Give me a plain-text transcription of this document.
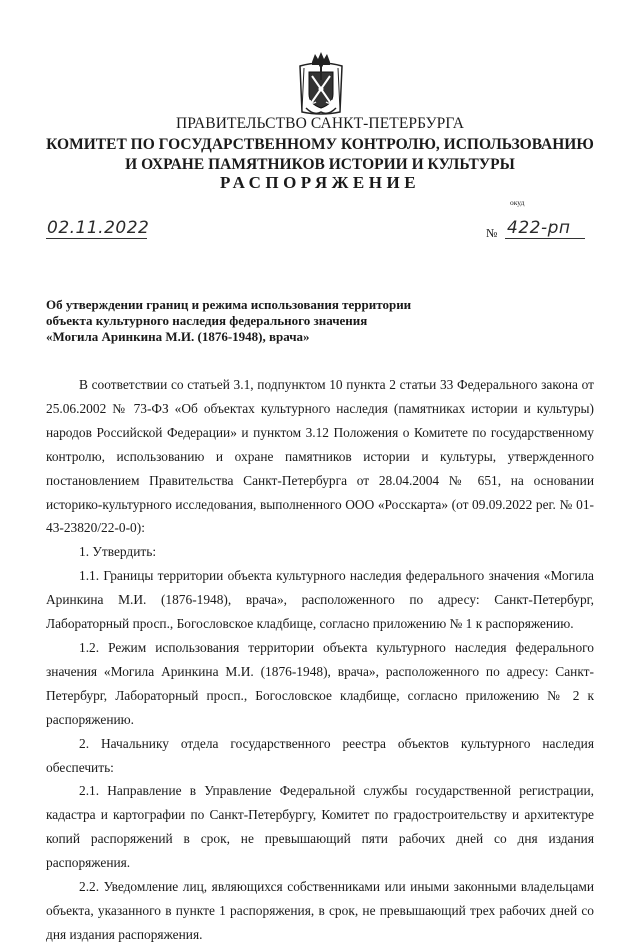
ПРАВИТЕЛЬСТВО САНКТ-ПЕТЕРБУРГА
КОМИТЕТ ПО ГОСУДАРСТВЕННОМУ КОНТРОЛЮ, ИСПОЛЬЗОВАНИЮ
И ОХРАНЕ ПАМЯТНИКОВ ИСТОРИИ И КУЛЬТУРЫ
РАСПОРЯЖЕНИЕ
окуд
02.11.2022	№ 422-рп
Об утверждении границ и режима использования территории
объекта культурного наследия федерального значения
«Могила Аринкина М.И. (1876-1948), врача»

В соответствии со статьей 3.1, подпунктом 10 пункта 2 статьи 33 Федерального закона от 25.06.2002 № 73-ФЗ «Об объектах культурного наследия (памятниках истории и культуры) народов Российской Федерации» и пунктом 3.12 Положения о Комитете по государственному контролю, использованию и охране памятников истории и культуры, утвержденного постановлением Правительства Санкт-Петербурга от 28.04.2004 № 651, на основании историко-культурного исследования, выполненного ООО «Росскарта» (от 09.09.2022 рег. № 01-43-23820/22-0-0):

1. Утвердить:

1.1. Границы территории объекта культурного наследия федерального значения «Могила Аринкина М.И. (1876-1948), врача», расположенного по адресу: Санкт-Петербург, Лабораторный просп., Богословское кладбище, согласно приложению № 1 к распоряжению.

1.2. Режим использования территории объекта культурного наследия федерального значения «Могила Аринкина М.И. (1876-1948), врача», расположенного по адресу: Санкт-Петербург, Лабораторный просп., Богословское кладбище, согласно приложению № 2 к распоряжению.

2. Начальнику отдела государственного реестра объектов культурного наследия обеспечить:

2.1. Направление в Управление Федеральной службы государственной регистрации, кадастра и картографии по Санкт-Петербургу, Комитет по градостроительству и архитектуре копий распоряжений в срок, не превышающий пяти рабочих дней со дня издания распоряжения.

2.2. Уведомление лиц, являющихся собственниками или иными законными владельцами объекта, указанного в пункте 1 распоряжения, в срок, не превышающий трех рабочих дней со дня издания распоряжения.
